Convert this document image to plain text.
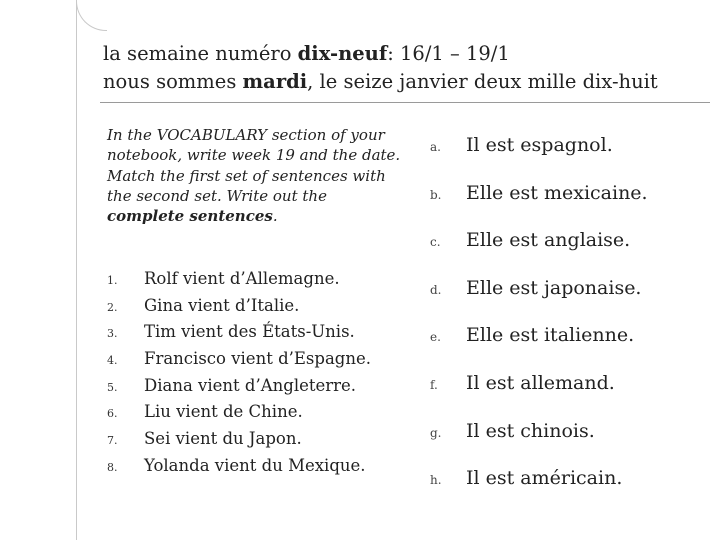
la semaine numéro dix-neuf: 16/1 – 19/1
nous sommes mardi, le seize janvier deux mille dix-huit
In the VOCABULARY section of your notebook, write week 19 and the date. Match the first set of sentences with the second set. Write out the complete sentences.
1.	Rolf vient d’Allemagne.
2.	Gina vient d’Italie.
3.	Tim vient des États-Unis.
4.	Francisco vient d’Espagne.
5.	Diana vient d’Angleterre.
6.	Liu vient de Chine.
7.	Sei vient du Japon.
8.	Yolanda vient du Mexique.
a.	Il est espagnol.
b.	Elle est mexicaine.
c.	Elle est anglaise.
d.	Elle est japonaise.
e.	Elle est italienne.
f.	Il est allemand.
g.	Il est chinois.
h.	Il est américain.
